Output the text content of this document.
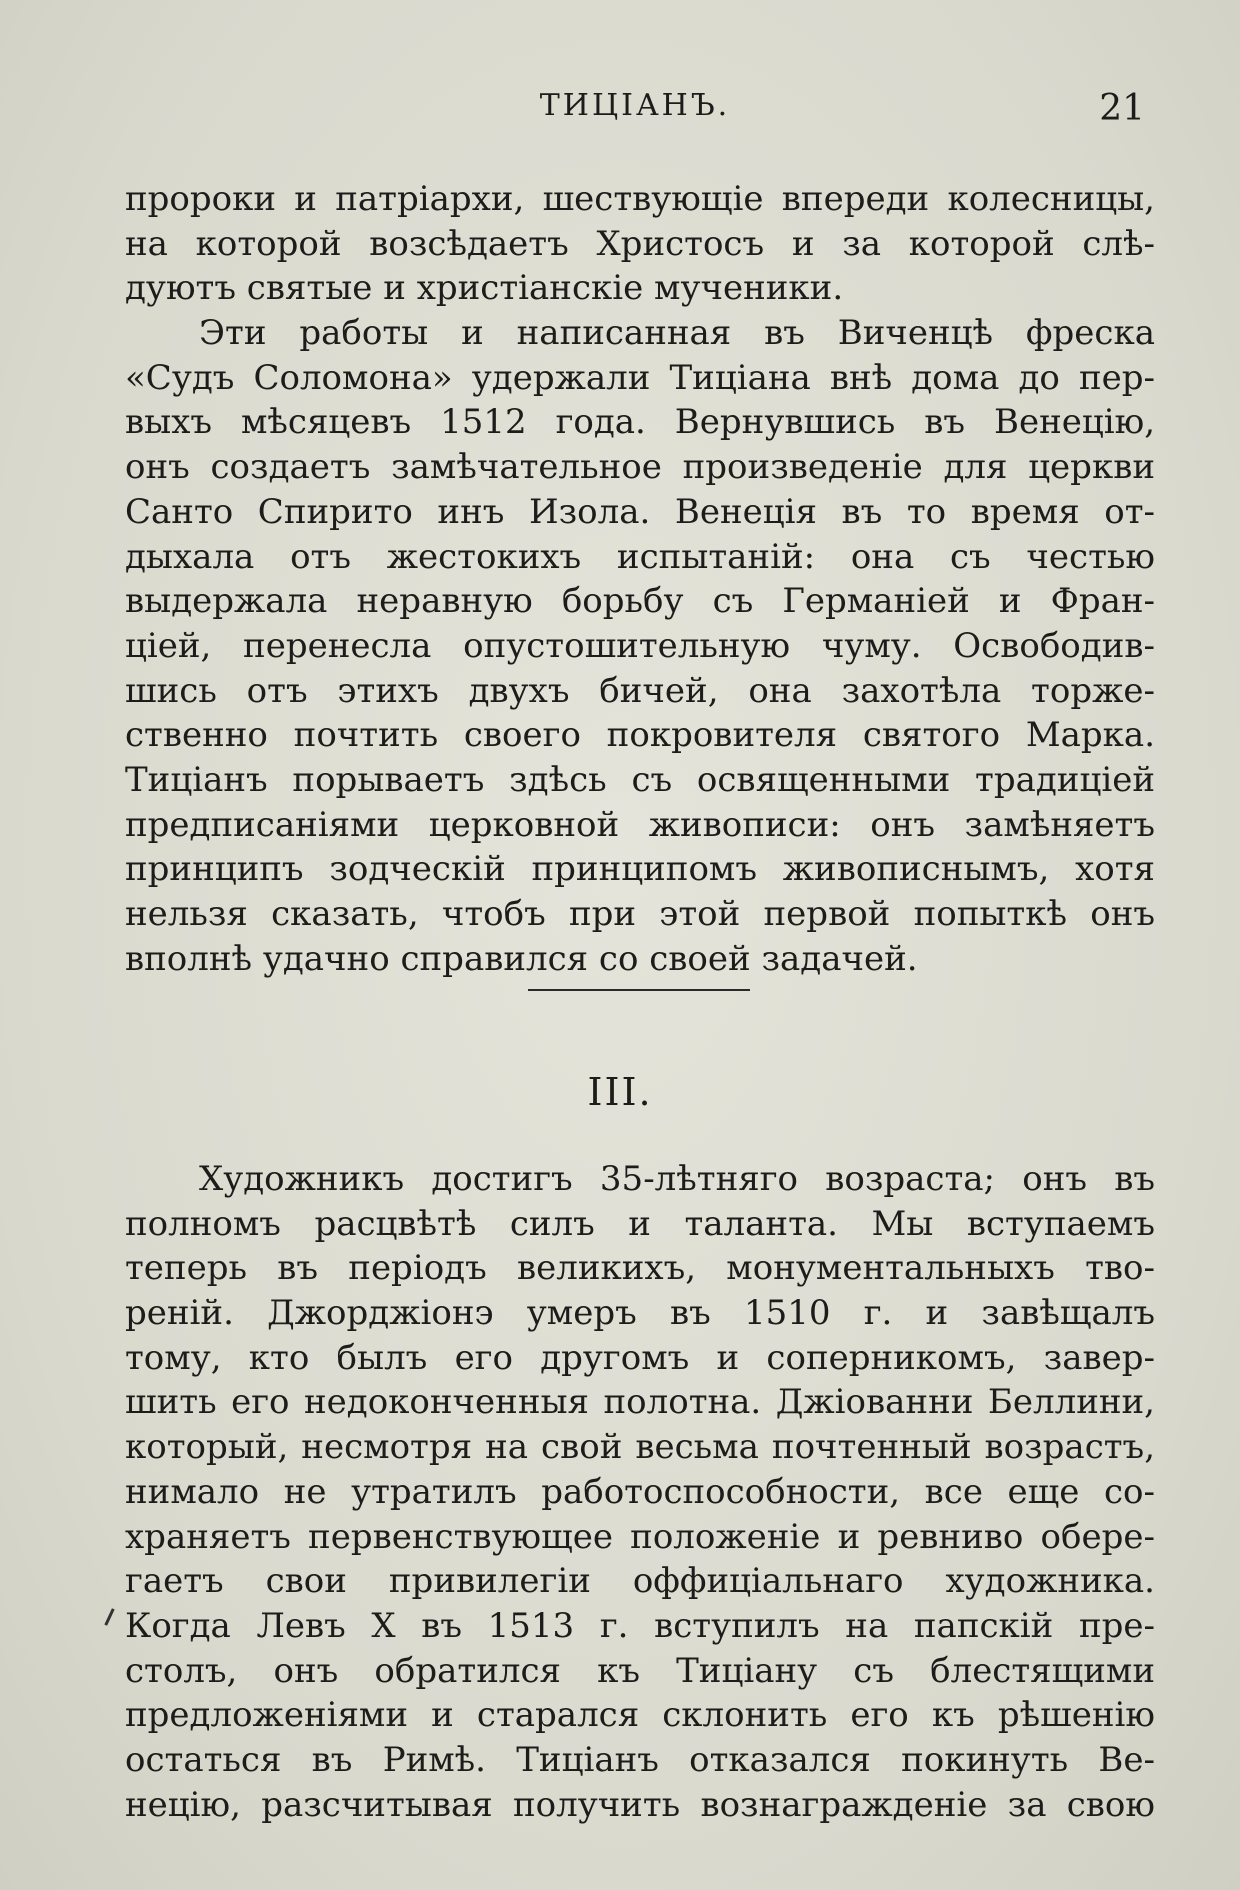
ТИЦІАНЪ.	21
пророки и патріархи, шествующіе впереди колесницы,
на которой возсѣдаетъ Христосъ и за которой слѣ-
дуютъ святые и христіанскіе мученики.
Эти работы и написанная въ Виченцѣ фреска
«Судъ Соломона» удержали Тиціана внѣ дома до пер-
выхъ мѣсяцевъ 1512 года. Вернувшись въ Венецію,
онъ создаетъ замѣчательное произведеніе для церкви
Санто Спирито инъ Изола. Венеція въ то время от-
дыхала отъ жестокихъ испытаній: она съ честью
выдержала неравную борьбу съ Германіей и Фран-
ціей, перенесла опустошительную чуму. Освободив-
шись отъ этихъ двухъ бичей, она захотѣла торже-
ственно почтить своего покровителя святого Марка.
Тиціанъ порываетъ здѣсь съ освященными традиціей
предписаніями церковной живописи: онъ замѣняетъ
принципъ зодческій принципомъ живописнымъ, хотя
нельзя сказать, чтобъ при этой первой попыткѣ онъ
вполнѣ удачно справился со своей задачей.
III.
Художникъ достигъ 35-лѣтняго возраста; онъ въ
полномъ расцвѣтѣ силъ и таланта. Мы вступаемъ
теперь въ періодъ великихъ, монументальныхъ тво-
реній. Джорджіонэ умеръ въ 1510 г. и завѣщалъ
тому, кто былъ его другомъ и соперникомъ, завер-
шить его недоконченныя полотна. Джіованни Беллини,
который, несмотря на свой весьма почтенный возрастъ,
нимало не утратилъ работоспособности, все еще со-
храняетъ первенствующее положеніе и ревниво обере-
гаетъ свои привилегіи оффиціальнаго художника.
Когда Левъ X въ 1513 г. вступилъ на папскій пре-
столъ, онъ обратился къ Тиціану съ блестящими
предложеніями и старался склонить его къ рѣшенію
остаться въ Римѣ. Тиціанъ отказался покинуть Ве-
нецію, разсчитывая получить вознагражденіе за свою
